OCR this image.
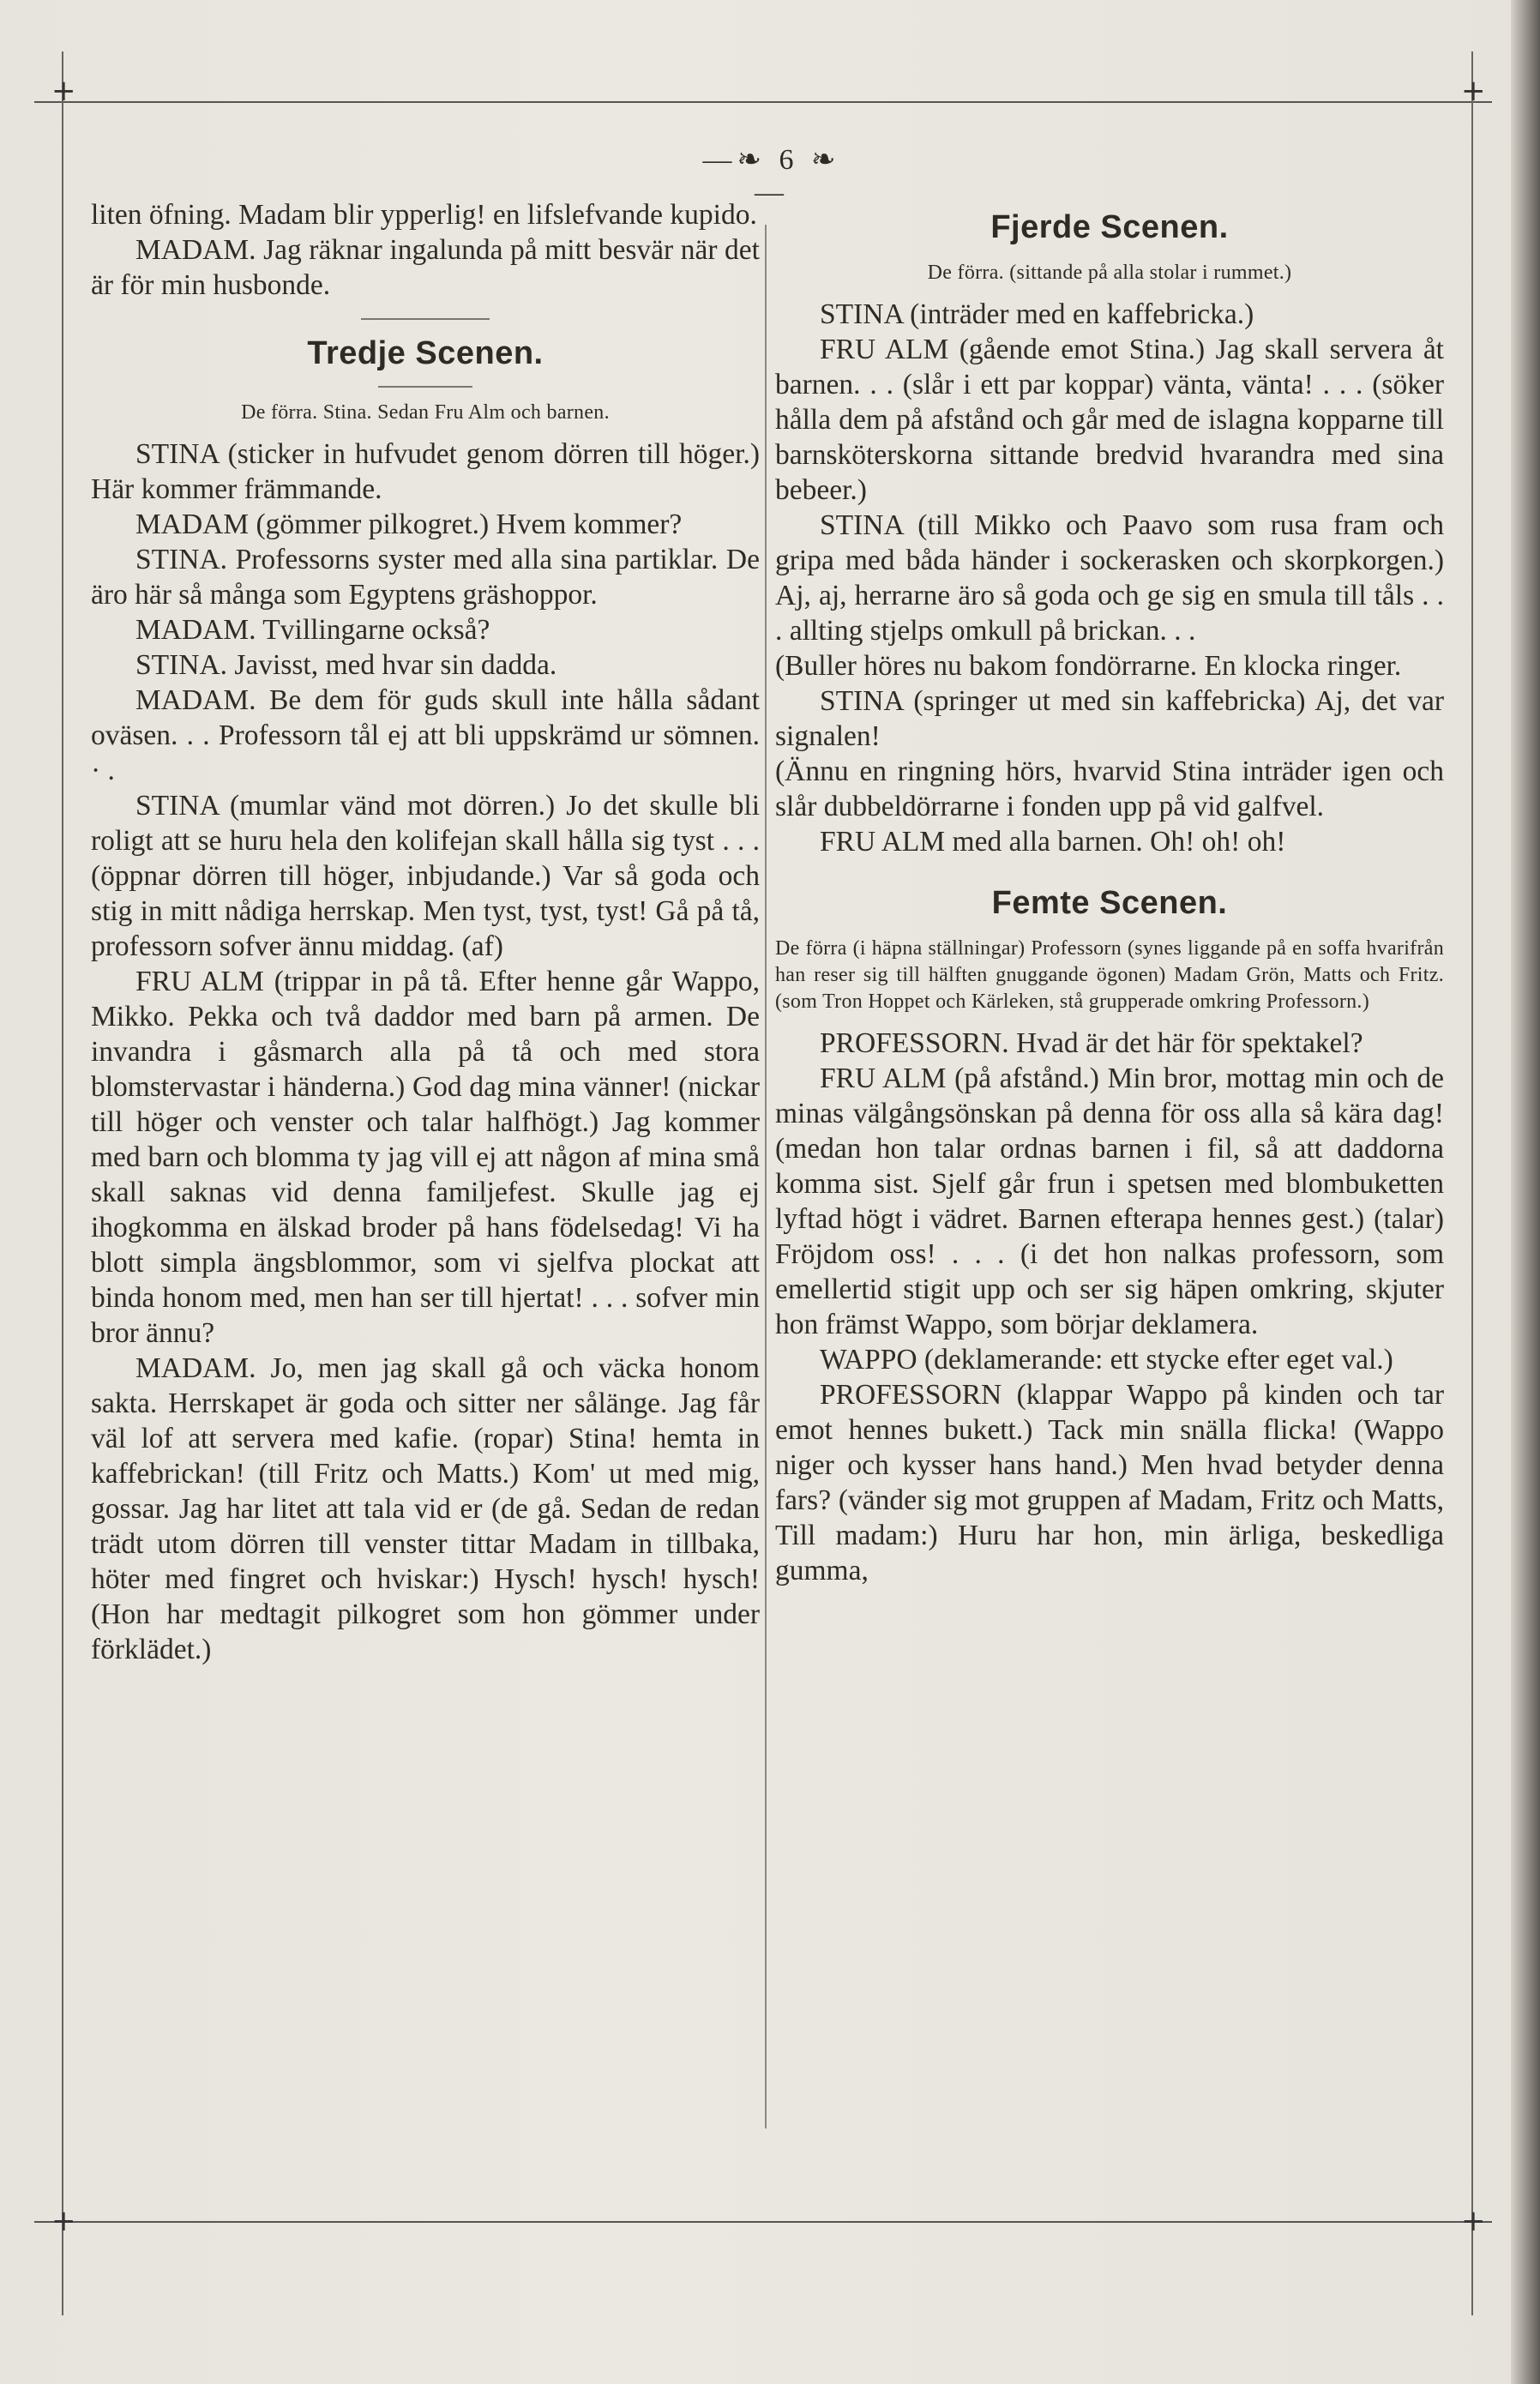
+	+
+	+
—❧ 6 ❧—

liten öfning. Madam blir ypperlig! en lifslefvande kupido.

MADAM. Jag räknar ingalunda på mitt besvär när det är för min husbonde.

Tredje Scenen.

De förra. Stina. Sedan Fru Alm och barnen.

STINA (sticker in hufvudet genom dörren till höger.) Här kommer främmande.

MADAM (gömmer pilkogret.) Hvem kommer?

STINA. Professorns syster med alla sina partiklar. De äro här så många som Egyptens gräshoppor.

MADAM. Tvillingarne också?

STINA. Javisst, med hvar sin dadda.

MADAM. Be dem för guds skull inte hålla sådant oväsen. . . Professorn tål ej att bli uppskrämd ur sömnen. · .

STINA (mumlar vänd mot dörren.) Jo det skulle bli roligt att se huru hela den kolifejan skall hålla sig tyst . . . (öppnar dörren till höger, inbjudande.) Var så goda och stig in mitt nådiga herrskap. Men tyst, tyst, tyst! Gå på tå, professorn sofver ännu middag. (af)

FRU ALM (trippar in på tå. Efter henne går Wappo, Mikko. Pekka och två daddor med barn på armen. De invandra i gåsmarch alla på tå och med stora blomstervastar i händerna.) God dag mina vänner! (nickar till höger och venster och talar halfhögt.) Jag kommer med barn och blomma ty jag vill ej att någon af mina små skall saknas vid denna familjefest. Skulle jag ej ihogkomma en älskad broder på hans födelsedag! Vi ha blott simpla ängsblommor, som vi sjelfva plockat att binda honom med, men han ser till hjertat! . . . sofver min bror ännu?

MADAM. Jo, men jag skall gå och väcka honom sakta. Herrskapet är goda och sitter ner sålänge. Jag får väl lof att servera med kafie. (ropar) Stina! hemta in kaffebrickan! (till Fritz och Matts.) Kom' ut med mig, gossar. Jag har litet att tala vid er (de gå. Sedan de redan trädt utom dörren till venster tittar Madam in tillbaka, höter med fingret och hviskar:) Hysch! hysch! hysch! (Hon har medtagit pilkogret som hon gömmer under förklädet.)

Fjerde Scenen.

De förra. (sittande på alla stolar i rummet.)

STINA (inträder med en kaffebricka.)

FRU ALM (gående emot Stina.) Jag skall servera åt barnen. . . (slår i ett par koppar) vänta, vänta! . . . (söker hålla dem på afstånd och går med de islagna kopparne till barnsköterskorna sittande bredvid hvarandra med sina bebeer.)

STINA (till Mikko och Paavo som rusa fram och gripa med båda händer i sockerasken och skorpkorgen.) Aj, aj, herrarne äro så goda och ge sig en smula till tåls . . . allting stjelps omkull på brickan. . .

(Buller höres nu bakom fondörrarne. En klocka ringer.

STINA (springer ut med sin kaffebricka) Aj, det var signalen!

(Ännu en ringning hörs, hvarvid Stina inträder igen och slår dubbeldörrarne i fonden upp på vid galfvel.

FRU ALM med alla barnen. Oh! oh! oh!

Femte Scenen.

De förra (i häpna ställningar) Professorn (synes liggande på en soffa hvarifrån han reser sig till hälften gnuggande ögonen) Madam Grön, Matts och Fritz. (som Tron Hoppet och Kärleken, stå grupperade omkring Professorn.)

PROFESSORN. Hvad är det här för spektakel?

FRU ALM (på afstånd.) Min bror, mottag min och de minas välgångsönskan på denna för oss alla så kära dag! (medan hon talar ordnas barnen i fil, så att daddorna komma sist. Sjelf går frun i spetsen med blombuketten lyftad högt i vädret. Barnen efterapa hennes gest.) (talar) Fröjdom oss! . . . (i det hon nalkas professorn, som emellertid stigit upp och ser sig häpen omkring, skjuter hon främst Wappo, som börjar deklamera.

WAPPO (deklamerande: ett stycke efter eget val.)

PROFESSORN (klappar Wappo på kinden och tar emot hennes bukett.) Tack min snälla flicka! (Wappo niger och kysser hans hand.) Men hvad betyder denna fars? (vänder sig mot gruppen af Madam, Fritz och Matts, Till madam:) Huru har hon, min ärliga, beskedliga gumma,
